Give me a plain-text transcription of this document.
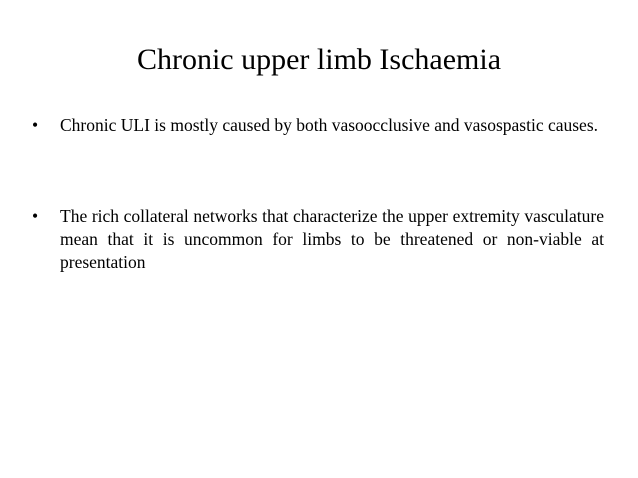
Chronic upper limb Ischaemia
•	Chronic ULI is mostly caused by both vasoocclusive and vasospastic causes.
•	The rich collateral networks that characterize the upper extremity vasculature mean that it is uncommon for limbs to be threatened or non-viable at presentation
